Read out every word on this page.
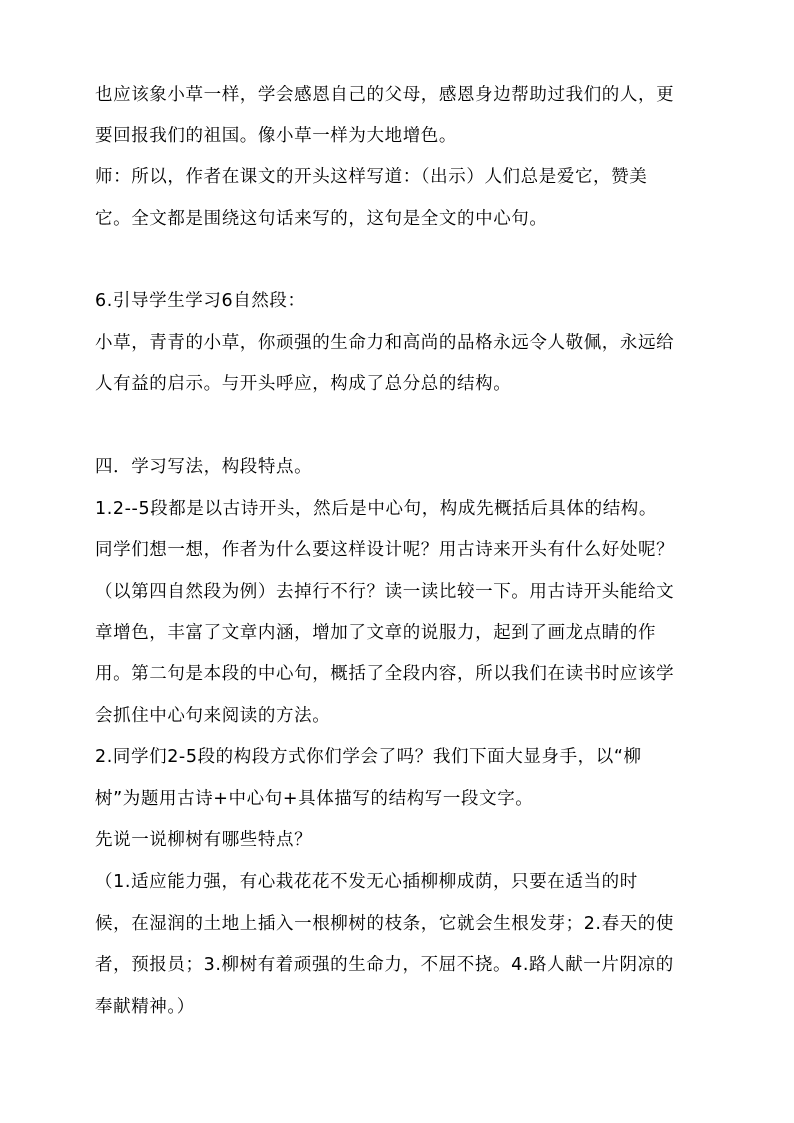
也应该象小草一样，学会感恩自己的父母，感恩身边帮助过我们的人，更
要回报我们的祖国。像小草一样为大地增色。
师：所以，作者在课文的开头这样写道：（出示）人们总是爱它，赞美
它。全文都是围绕这句话来写的，这句是全文的中心句。
6.引导学生学习6自然段：
小草，青青的小草，你顽强的生命力和高尚的品格永远令人敬佩，永远给
人有益的启示。与开头呼应，构成了总分总的结构。
四．学习写法，构段特点。
1.2--5段都是以古诗开头，然后是中心句，构成先概括后具体的结构。
同学们想一想，作者为什么要这样设计呢？用古诗来开头有什么好处呢？
（以第四自然段为例）去掉行不行？读一读比较一下。用古诗开头能给文
章增色，丰富了文章内涵，增加了文章的说服力，起到了画龙点睛的作
用。第二句是本段的中心句，概括了全段内容，所以我们在读书时应该学
会抓住中心句来阅读的方法。
2.同学们2-5段的构段方式你们学会了吗？我们下面大显身手，以“柳
树”为题用古诗+中心句+具体描写的结构写一段文字。
先说一说柳树有哪些特点？
（1.适应能力强，有心栽花花不发无心插柳柳成荫，只要在适当的时
候，在湿润的土地上插入一根柳树的枝条，它就会生根发芽；2.春天的使
者，预报员；3.柳树有着顽强的生命力，不屈不挠。4.路人献一片阴凉的
奉献精神。）
